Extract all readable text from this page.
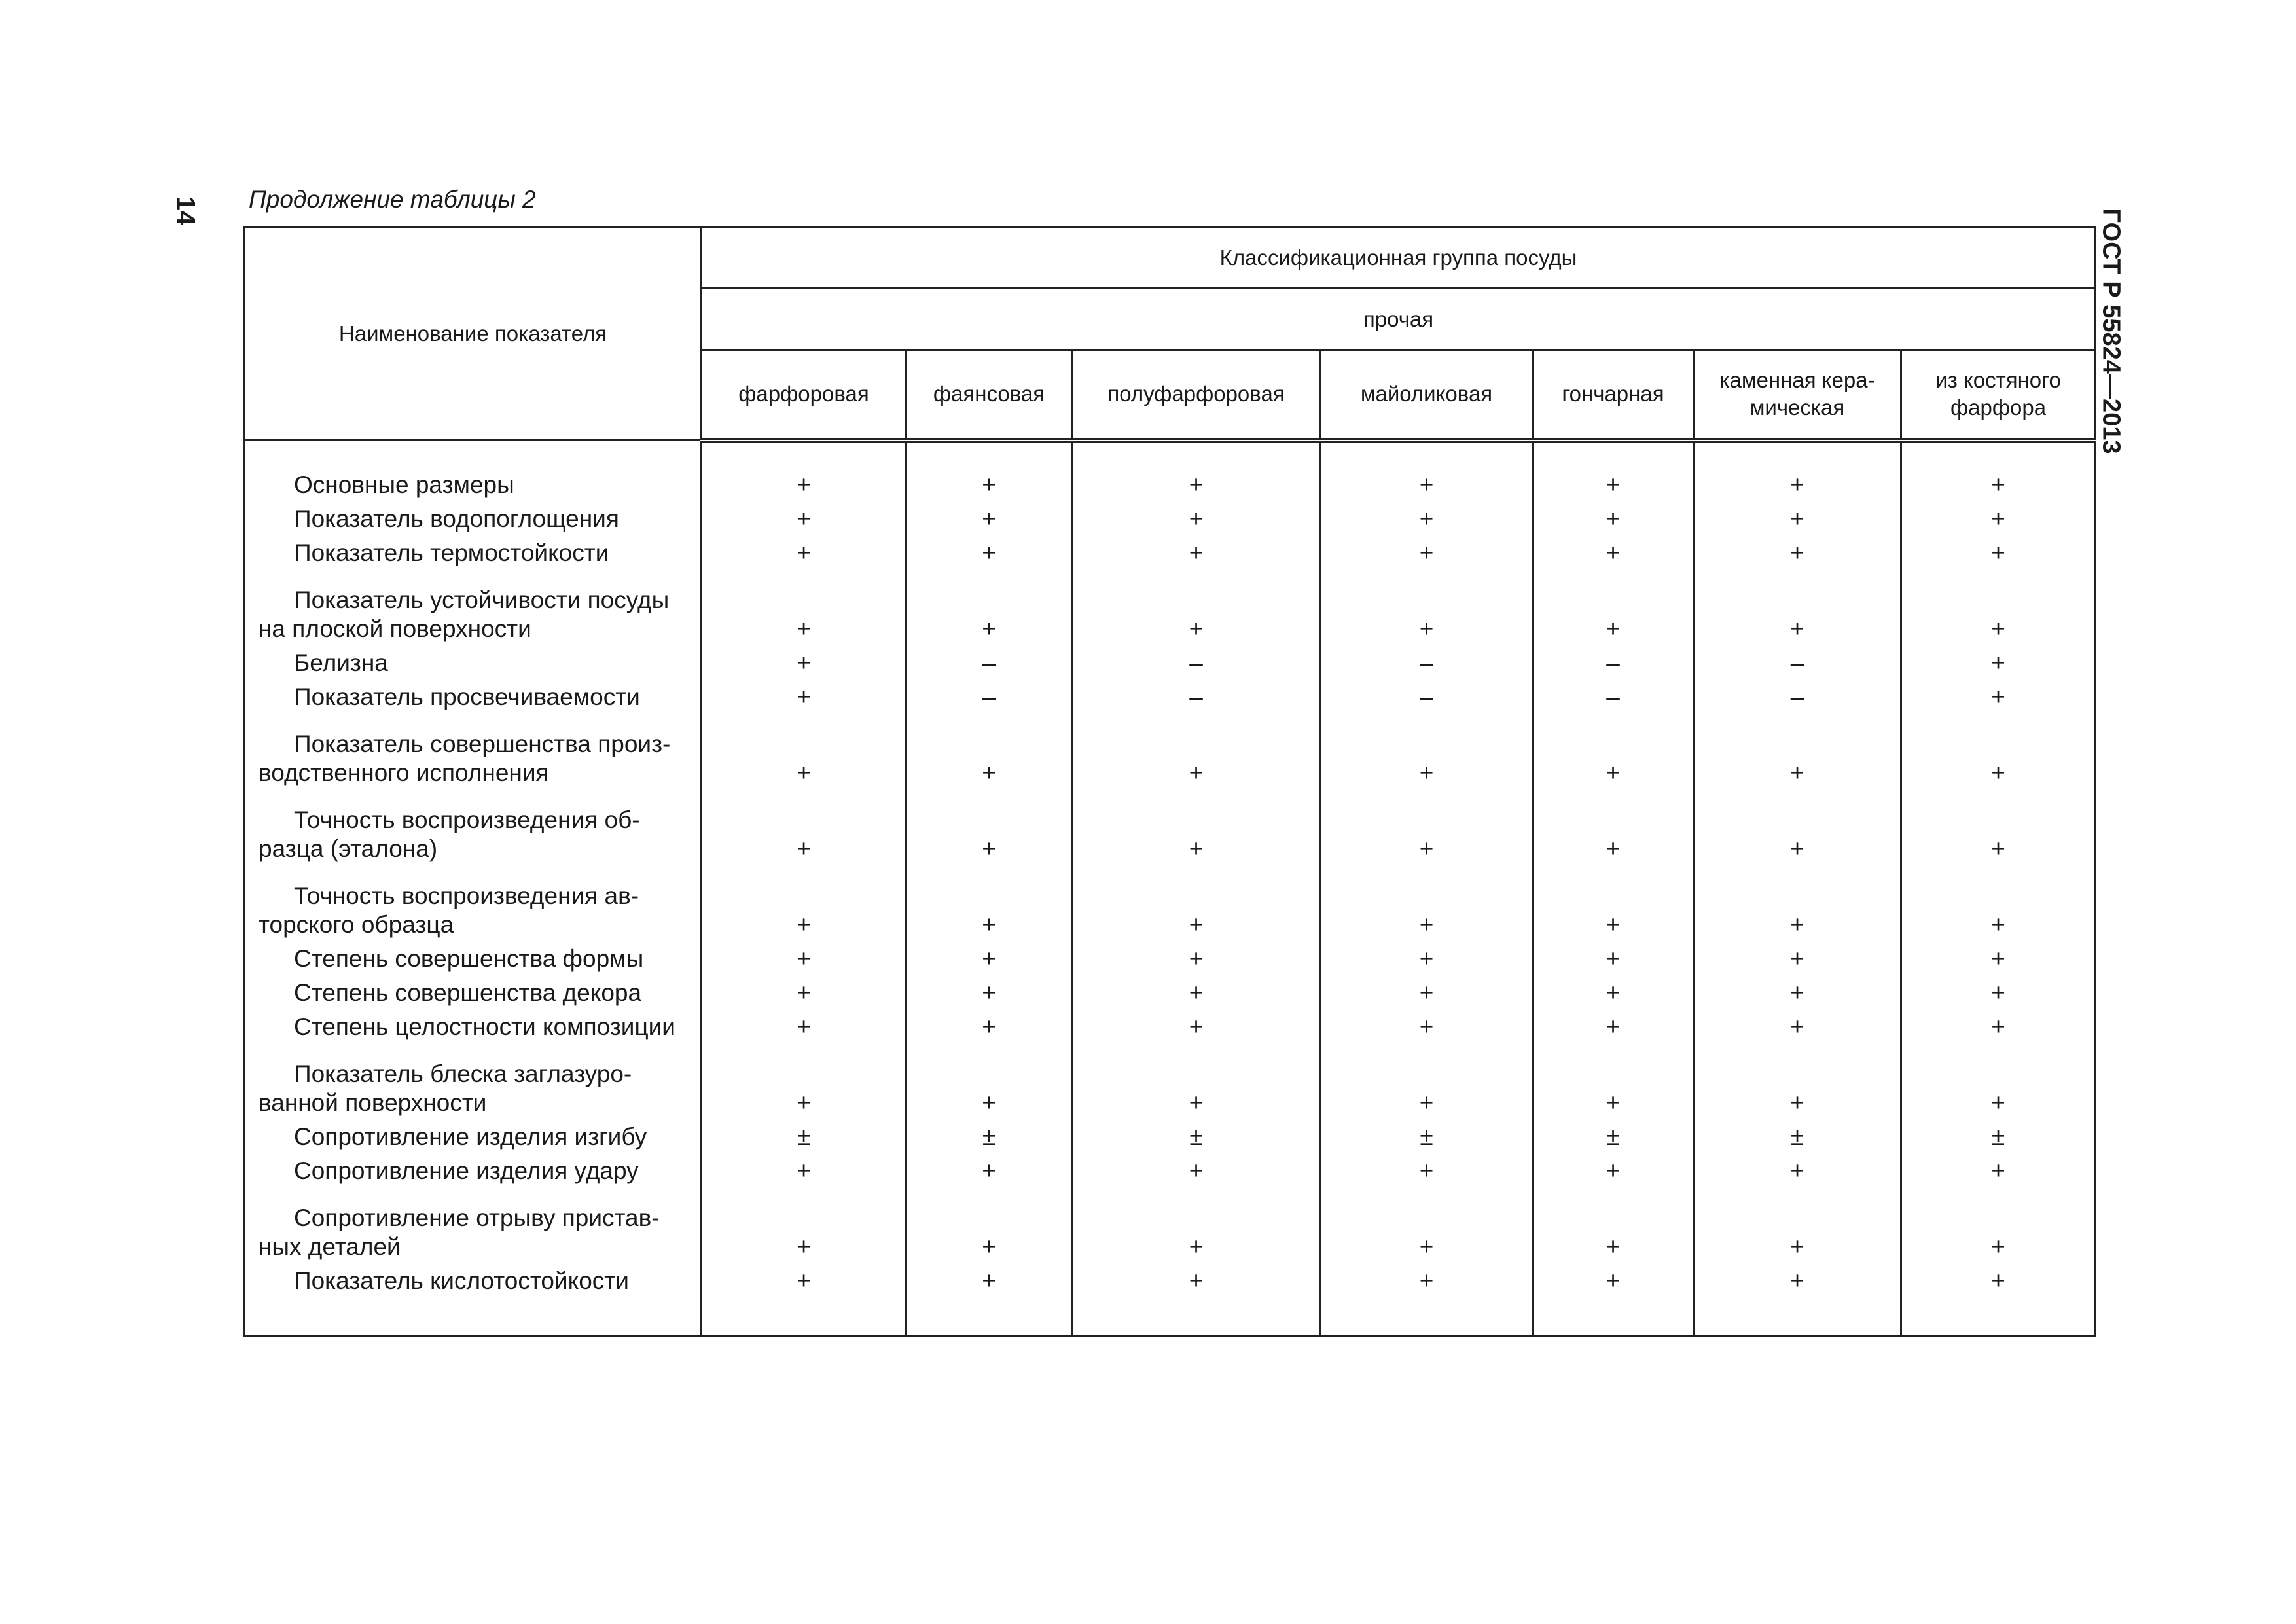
14	ГОСТ Р 55824—2013
Продолжение таблицы 2
Наименование показателя	Классификационная группа посуды						
	прочая						
	фарфоровая	фаянсовая	полуфарфоровая	майоликовая	гончарная	каменная кера-мическая	из костяного фарфора
Основные размеры	+	+	+	+	+	+	+
Показатель водопоглощения	+	+	+	+	+	+	+
Показатель термостойкости	+	+	+	+	+	+	+
Показатель устойчивости посуды на плоской поверхности	+	+	+	+	+	+	+
Белизна	+	–	–	–	–	–	+
Показатель просвечиваемости	+	–	–	–	–	–	+
Показатель совершенства произ-водственного исполнения	+	+	+	+	+	+	+
Точность воспроизведения об-разца (эталона)	+	+	+	+	+	+	+
Точность воспроизведения ав-торского образца	+	+	+	+	+	+	+
Степень совершенства формы	+	+	+	+	+	+	+
Степень совершенства декора	+	+	+	+	+	+	+
Степень целостности композиции	+	+	+	+	+	+	+
Показатель блеска заглазуро-ванной поверхности	+	+	+	+	+	+	+
Сопротивление изделия изгибу	±	±	±	±	±	±	±
Сопротивление изделия удару	+	+	+	+	+	+	+
Сопротивление отрыву пристав-ных деталей	+	+	+	+	+	+	+
Показатель кислотостойкости	+	+	+	+	+	+	+
